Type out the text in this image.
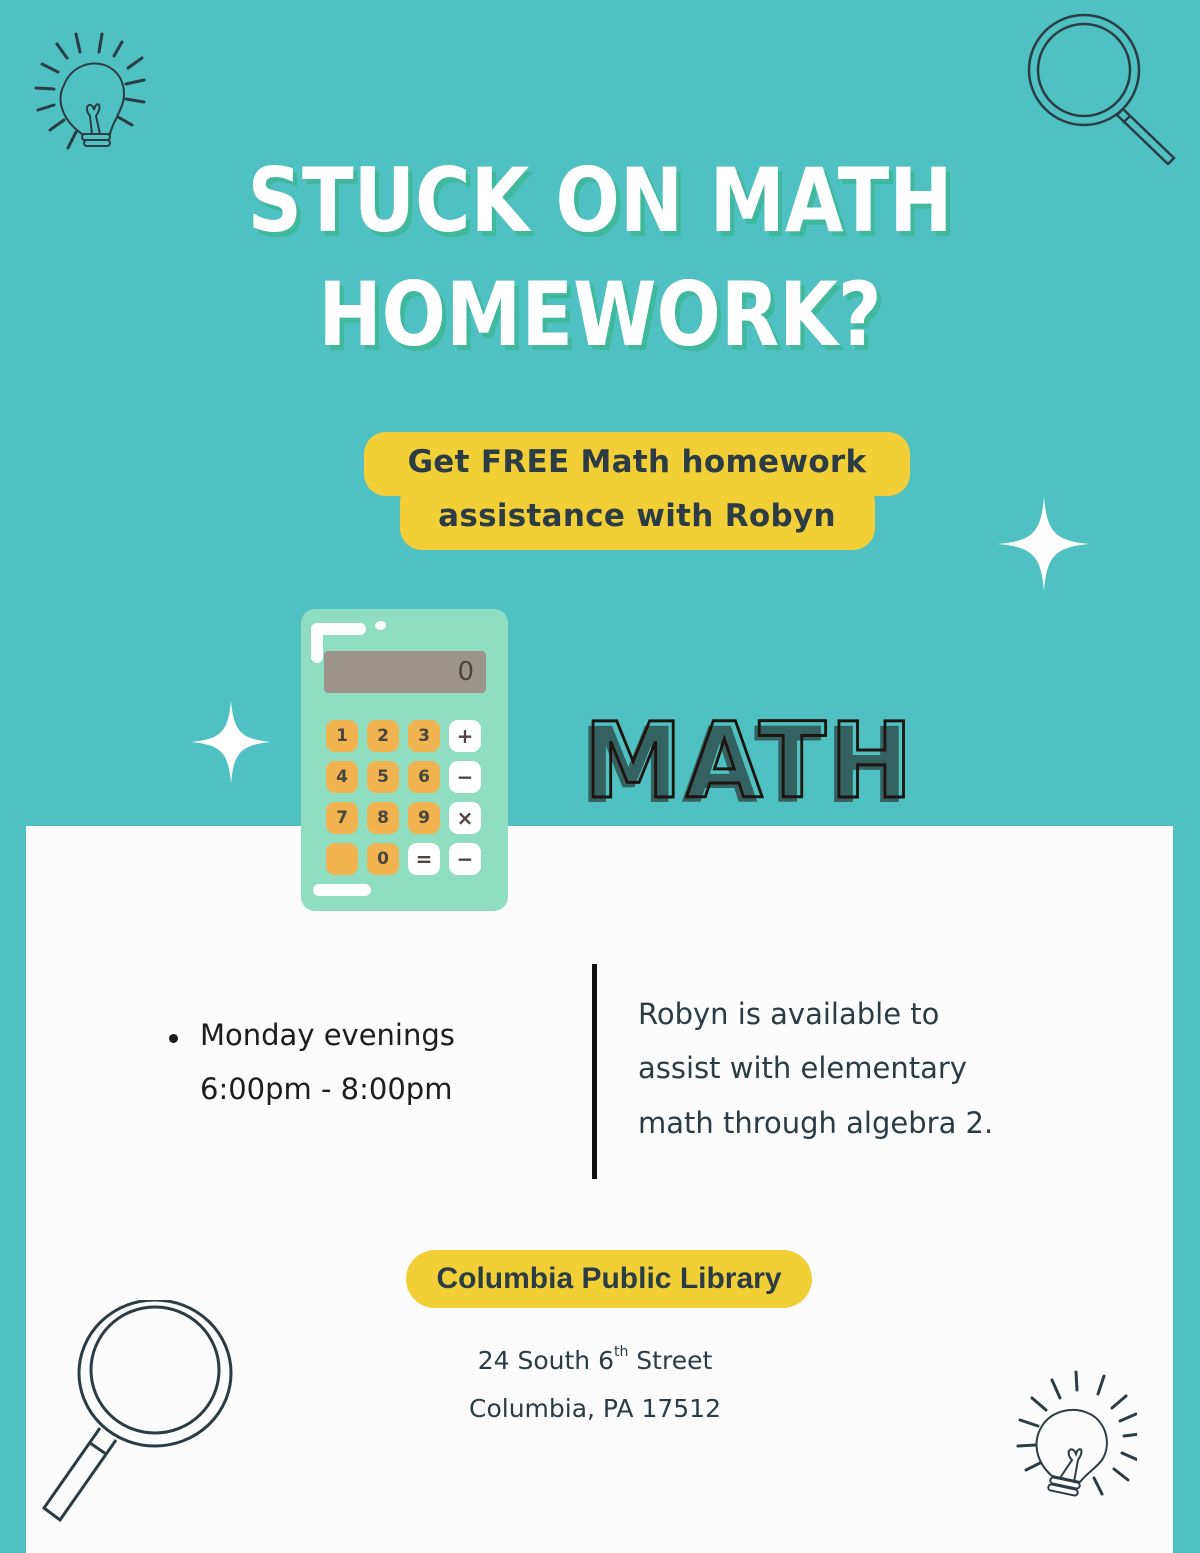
STUCK ON MATH
HOMEWORK?
Get FREE Math homework
assistance with Robyn
MATH
0
1	2	3	+
4	5	6	−
7	8	9	×
0	=	−
Monday evenings
6:00pm - 8:00pm
Robyn is available to
assist with elementary
math through algebra 2.
Columbia Public Library
24 South 6th Street
Columbia, PA 17512
